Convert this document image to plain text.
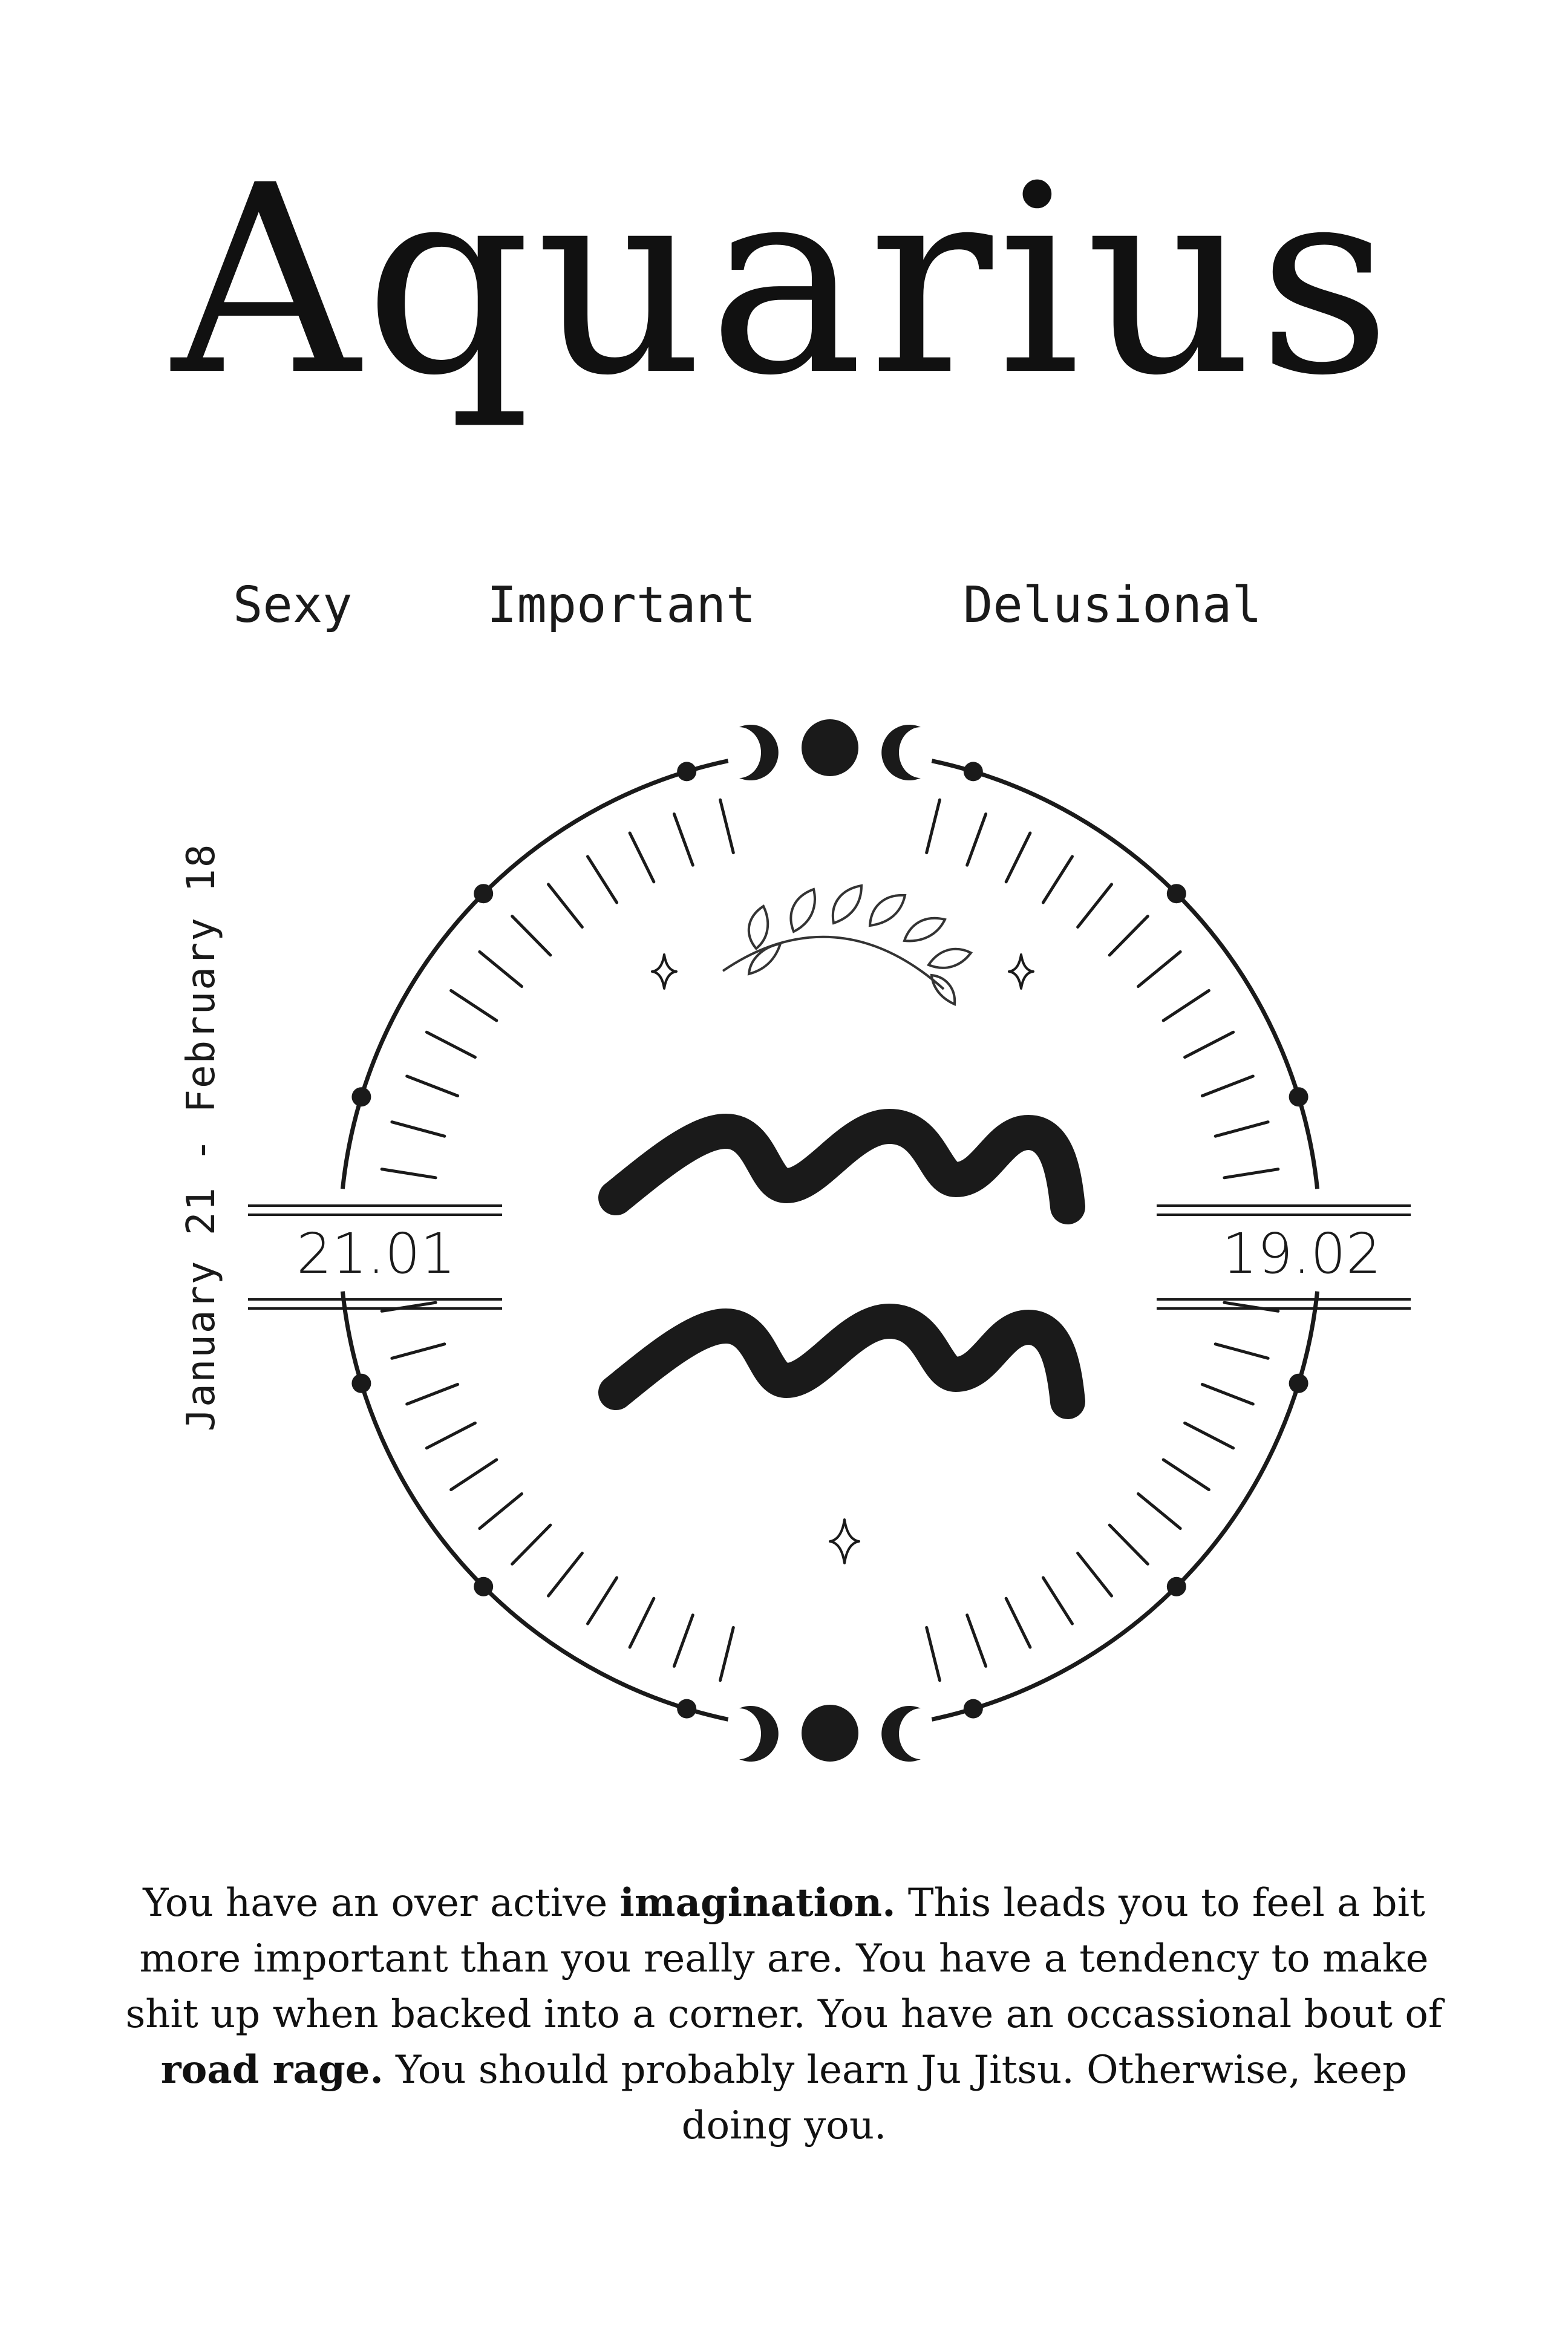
Aquarius
Sexy	Important	Delusional
January 21 - February 18 21.01	19.02

You have an over active imagination. This leads you to feel a bit more important than you really are. You have a tendency to make shit up when backed into a corner. You have an occassional bout of road rage. You should probably learn Ju Jitsu. Otherwise, keep doing you.
